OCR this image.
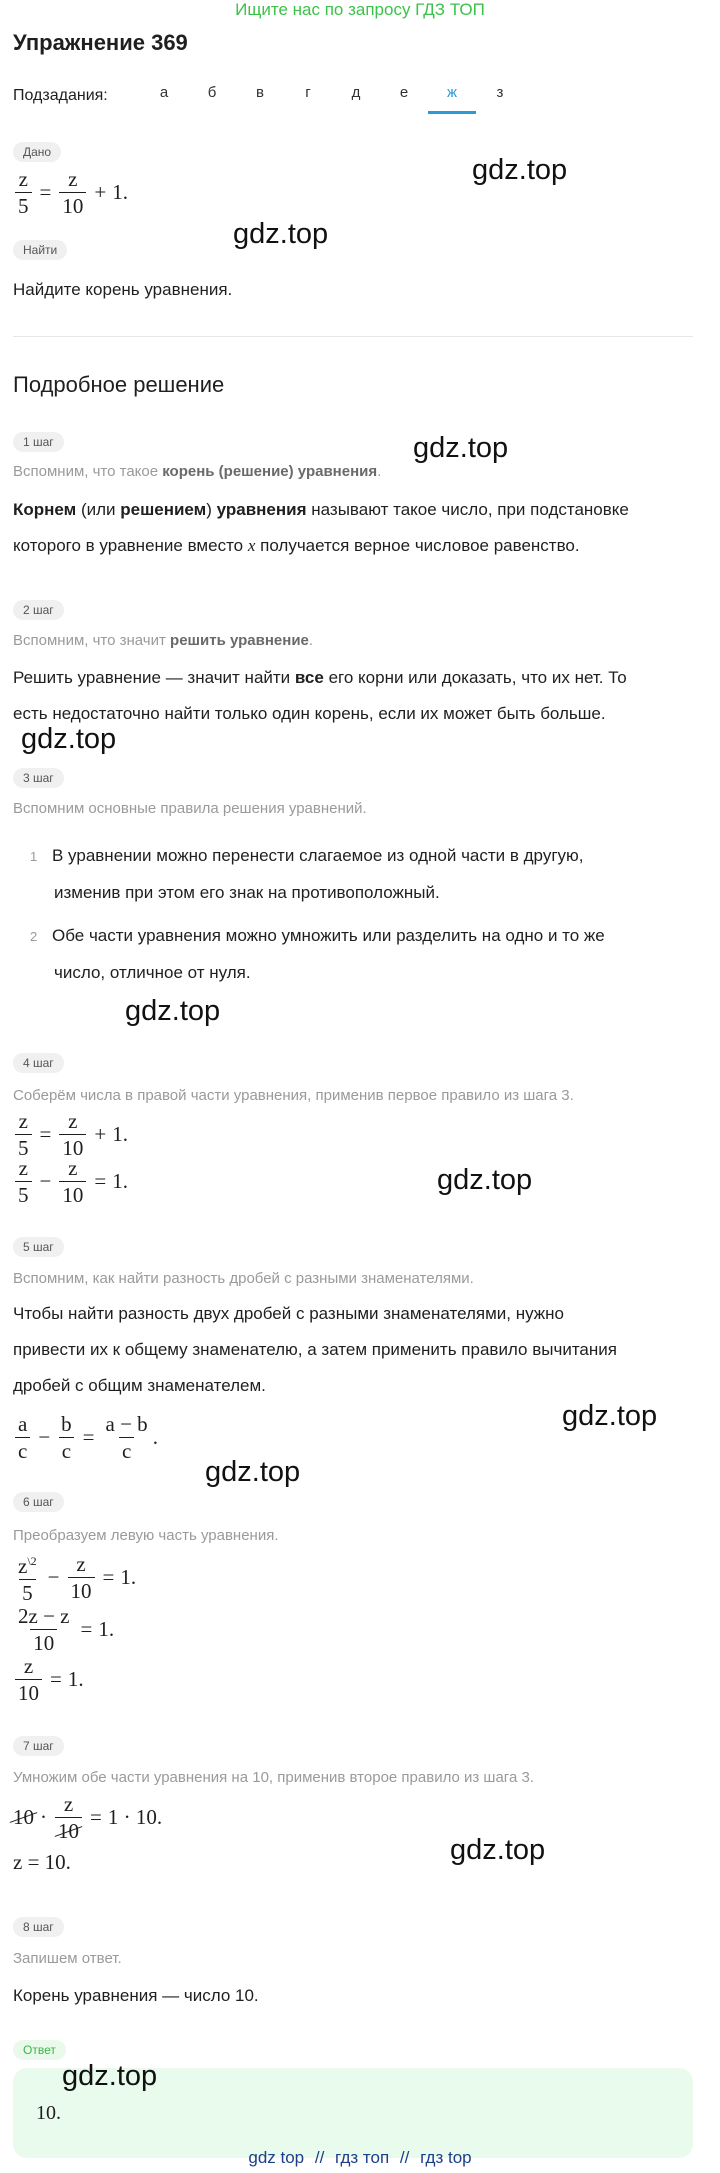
Ищите нас по запросу ГДЗ ТОП
Упражнение 369
Подзадания:	а	б	в	г	д	е	ж	з
Дано
$\frac{z}{5} = \frac{z}{10} + 1$ .
Найти
Найдите корень уравнения.
Подробное решение
1 шаг
Вспомним, что такое корень (решение) уравнения.
Корнем (или решением) уравнения называют такое число, при подстановке
которого в уравнение вместо x получается верное числовое равенство.
2 шаг
Вспомним, что значит решить уравнение.
Решить уравнение — значит найти все его корни или доказать, что их нет. То
есть недостаточно найти только один корень, если их может быть больше.
3 шаг
Вспомним основные правила решения уравнений.
1 В уравнении можно перенести слагаемое из одной части в другую,
изменив при этом его знак на противоположный.
2 Обе части уравнения можно умножить или разделить на одно и то же
число, отличное от нуля.
4 шаг
Соберём числа в правой части уравнения, применив первое правило из шага 3.
$\frac{z}{5} = \frac{z}{10} + 1$ .
$\frac{z}{5} - \frac{z}{10} = 1$ .
5 шаг
Вспомним, как найти разность дробей с разными знаменателями.
Чтобы найти разность двух дробей с разными знаменателями, нужно
привести их к общему знаменателю, а затем применить правило вычитания
дробей с общим знаменателем.
$\frac{a}{c} - \frac{b}{c} = \frac{a - b}{c}$ .
6 шаг
Преобразуем левую часть уравнения.
$\frac{z^{\backslash 2}}{5} - \frac{z}{10} = 1$ .
$\frac{2z - z}{10} = 1$ .
$\frac{z}{10} = 1$ .
7 шаг
Умножим обе части уравнения на 10, применив второе правило из шага 3.
$10 \cdot \frac{z}{10} = 1 \cdot 10$.
z = 10.
8 шаг
Запишем ответ.
Корень уравнения — число 10.
Ответ
10.
gdz.top
gdz.top
gdz.top
gdz.top
gdz.top
gdz.top
gdz.top
gdz.top
gdz.top
gdz.top
gdz top // гдз топ // гдз top
